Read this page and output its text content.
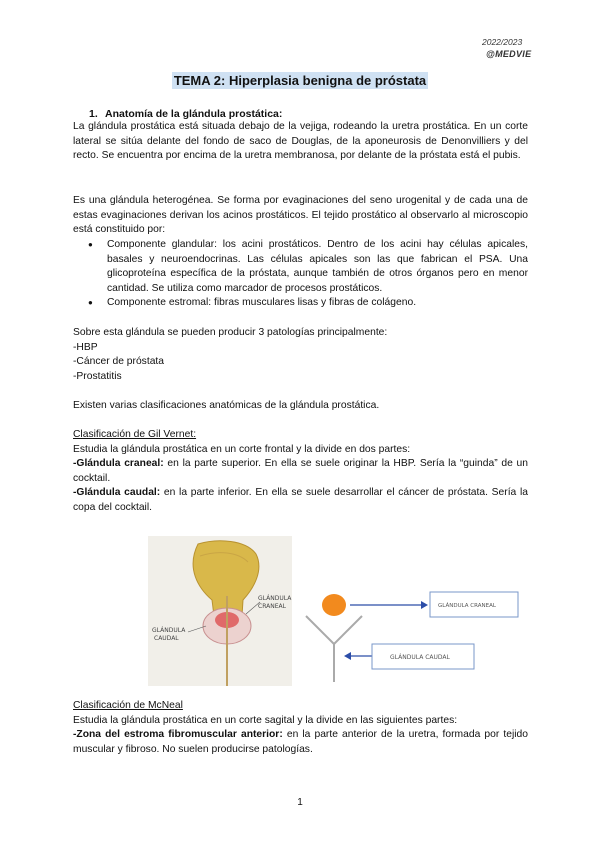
2022/2023
@MEDVIE
TEMA 2: Hiperplasia benigna de próstata
1. Anatomía de la glándula prostática:
La glándula prostática está situada debajo de la vejiga, rodeando la uretra prostática. En un corte lateral se sitúa delante del fondo de saco de Douglas, de la aponeurosis de Denonvilliers y del recto. Se encuentra por encima de la uretra membranosa, por delante de la próstata está el pubis.
Es una glándula heterogénea. Se forma por evaginaciones del seno urogenital y de cada una de estas evaginaciones derivan los acinos prostáticos. El tejido prostático al observarlo al microscopio está constituido por:
● Componente glandular: los acini prostáticos. Dentro de los acini hay células apicales, basales y neuroendocrinas. Las células apicales son las que fabrican el PSA. Una glicoproteína específica de la próstata, aunque también de otros órganos pero en menor cantidad. Se utiliza como marcador de procesos prostáticos.
● Componente estromal: fibras musculares lisas y fibras de colágeno.
Sobre esta glándula se pueden producir 3 patologías principalmente:
-HBP
-Cáncer de próstata
-Prostatitis
Existen varias clasificaciones anatómicas de la glándula prostática.
Clasificación de Gil Vernet:
Estudia la glándula prostática en un corte frontal y la divide en dos partes:
-Glándula craneal: en la parte superior. En ella se suele originar la HBP. Sería la “guinda” de un cocktail.
-Glándula caudal: en la parte inferior. En ella se suele desarrollar el cáncer de próstata. Sería la copa del cocktail.
GLÁNDULA
CRANEAL
GLÁNDULA
CAUDAL
GLÁNDULA CRANEAL
GLÁNDULA CAUDAL
Clasificación de McNeal
Estudia la glándula prostática en un corte sagital y la divide en las siguientes partes:
-Zona del estroma fibromuscular anterior: en la parte anterior de la uretra, formada por tejido muscular y fibroso. No suelen producirse patologías.
1
